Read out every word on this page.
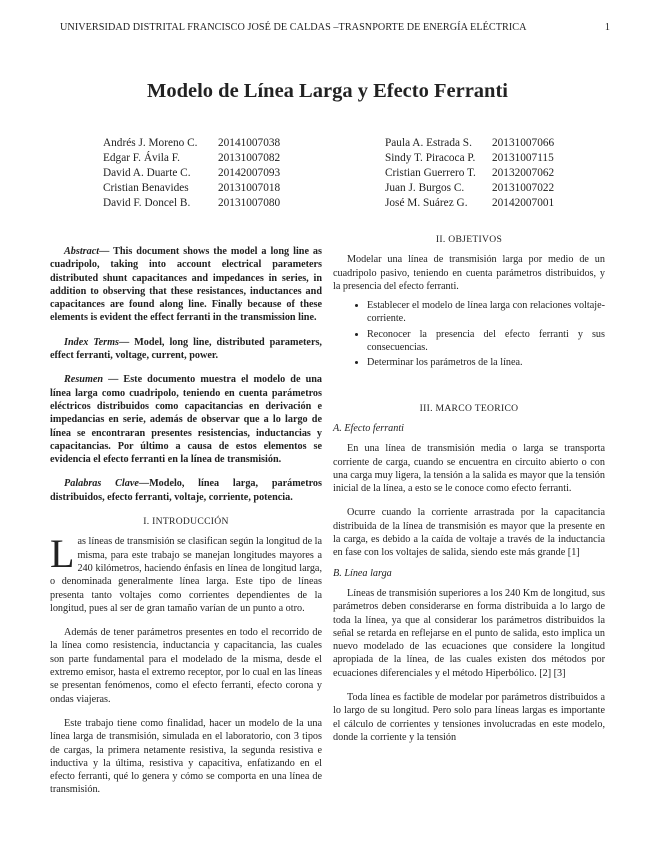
UNIVERSIDAD DISTRITAL FRANCISCO JOSÉ DE CALDAS –TRASNPORTE DE ENERGÍA ELÉCTRICA	1
Modelo de Línea Larga y Efecto Ferranti
Andrés J. Moreno C.	20141007038
Edgar F. Ávila F.	20131007082
David A. Duarte C.	20142007093
Cristian Benavides	20131007018
David F. Doncel B.	20131007080
Paula A. Estrada S.	20131007066
Sindy T. Piracoca P.	20131007115
Cristian Guerrero T.	20132007062
Juan J. Burgos C.	20131007022
José M. Suárez G.	20142007001

Abstract— This document shows the model a long line as cuadripolo, taking into account electrical parameters distributed shunt capacitances and impedances in series, in addition to observing that these resistances, inductances and capacitances are found along line. Finally because of these elements is evident the effect ferranti in the transmission line.

Index Terms— Model, long line, distributed parameters, effect ferranti, voltage, current, power.

Resumen — Este documento muestra el modelo de una línea larga como cuadripolo, teniendo en cuenta parámetros eléctricos distribuidos como capacitancias en derivación e impedancias en serie, además de observar que a lo largo de línea se encontraran presentes resistencias, inductancias y capacitancias. Por último a causa de estos elementos se evidencia el efecto ferranti en la línea de transmisión.

Palabras Clave—Modelo, línea larga, parámetros distribuidos, efecto ferranti, voltaje, corriente, potencia.

I. INTRODUCCIÓN

Las líneas de transmisión se clasifican según la longitud de la misma, para este trabajo se manejan longitudes mayores a 240 kilómetros, haciendo énfasis en línea de longitud larga, o denominada generalmente línea larga. Este tipo de líneas presenta tanto voltajes como corrientes dependientes de la longitud, pues al ser de gran tamaño varían de un punto a otro.

Además de tener parámetros presentes en todo el recorrido de la línea como resistencia, inductancia y capacitancia, las cuales son parte fundamental para el modelado de la misma, desde el extremo emisor, hasta el extremo receptor, por lo cual en las líneas se presentan fenómenos, como el efecto ferranti, efecto corona y ondas viajeras.

Este trabajo tiene como finalidad, hacer un modelo de la una línea larga de transmisión, simulada en el laboratorio, con 3 tipos de cargas, la primera netamente resistiva, la segunda resistiva e inductiva y la última, resistiva y capacitiva, enfatizando en el efecto ferranti, qué lo genera y cómo se comporta en una línea de transmisión.

II. OBJETIVOS

Modelar una línea de transmisión larga por medio de un cuadripolo pasivo, teniendo en cuenta parámetros distribuidos, y la presencia del efecto ferranti.

• Establecer el modelo de línea larga con relaciones voltaje- corriente.
• Reconocer la presencia del efecto ferranti y sus consecuencias.
• Determinar los parámetros de la línea.

III. MARCO TEORICO

A. Efecto ferranti

En una línea de transmisión media o larga se transporta corriente de carga, cuando se encuentra en circuito abierto o con una carga muy ligera, la tensión a la salida es mayor que la tensión inicial de la línea, a esto se le conoce como efecto ferranti.

Ocurre cuando la corriente arrastrada por la capacitancia distribuida de la línea de transmisión es mayor que la presente en la carga, es debido a la caída de voltaje a través de la inductancia en fase con los voltajes de salida, siendo este más grande [1]

B. Línea larga

Líneas de transmisión superiores a los 240 Km de longitud, sus parámetros deben considerarse en forma distribuida a lo largo de toda la línea, ya que al considerar los parámetros distribuidos la señal se retarda en reflejarse en el punto de salida, esto implica un nuevo modelado de las ecuaciones que considere la longitud apropiada de la línea, de las cuales existen dos métodos por ecuaciones diferenciales y el método Hiperbólico. [2] [3]

Toda línea es factible de modelar por parámetros distribuidos a lo largo de su longitud. Pero solo para líneas largas es importante el cálculo de corrientes y tensiones involucradas en este modelo, donde la corriente y la tensión
